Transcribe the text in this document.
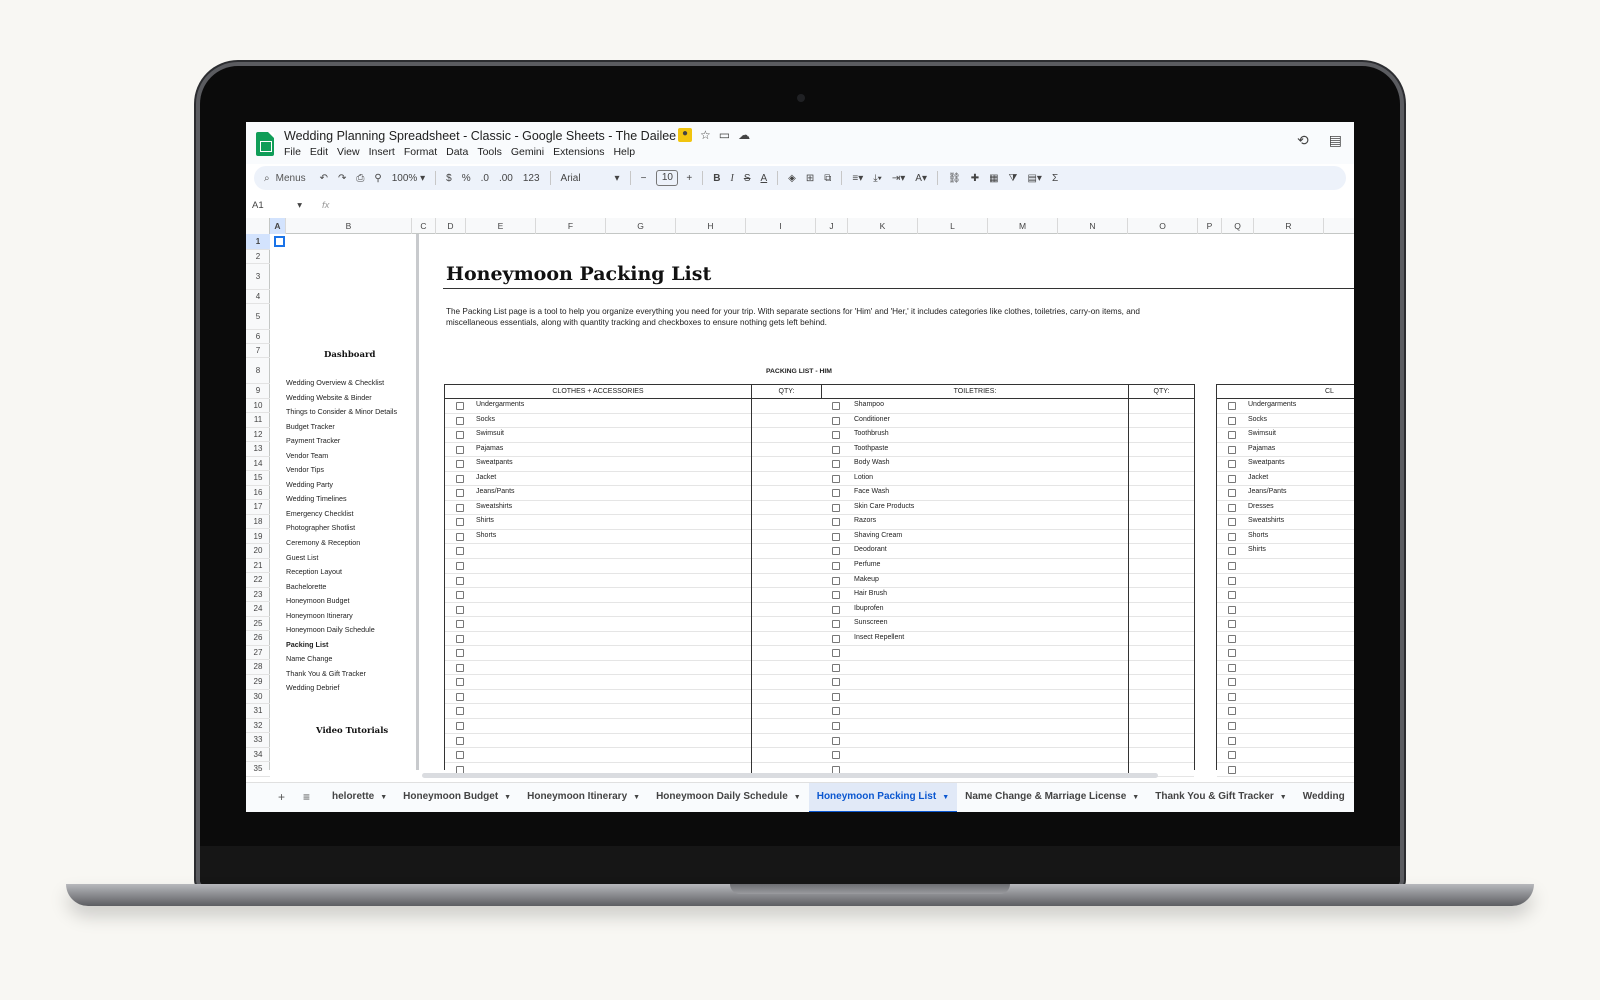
Wedding Planning Spreadsheet - Classic - Google Sheets - The Dailee ● ☆ ▭ ☁
File Edit View Insert Format Data Tools Gemini Extensions Help
⟲ ▤
⌕ Menus ↶ ↷ ⎙ ⚲ 100% ▾ $ % .0 .00 123 Arial	▾ −	10	+ B I S A ◈ ⊞ ⧉ ≡▾ ⤓▾ ⇥▾ A▾ ⛓ ✚ ▦ ⧩ ▤▾ Σ
A1	▾ fx
A	B	C	D	E	F	G	H	I	J	K	L	M	N	O	P	Q	R
1
2
3
4
5
6
7
8
9
10
11
12
13
14
15
16
17
18
19
20
21
22
23
24
25
26
27
28
29
30
31
32
33
34
35
Dashboard
Wedding Overview & Checklist
Wedding Website & Binder
Things to Consider & Minor Details
Budget Tracker
Payment Tracker
Vendor Team
Vendor Tips
Wedding Party
Wedding Timelines
Emergency Checklist
Photographer Shotlist
Ceremony & Reception
Guest List
Reception Layout
Bachelorette
Honeymoon Budget
Honeymoon Itinerary
Honeymoon Daily Schedule
Packing List
Name Change
Thank You & Gift Tracker
Wedding Debrief
Video Tutorials
Honeymoon Packing List
The Packing List page is a tool to help you organize everything you need for your trip. With separate sections for 'Him' and 'Her,' it includes categories like clothes, toiletries, carry-on items, and miscellaneous essentials, along with quantity tracking and checkboxes to ensure nothing gets left behind.
PACKING LIST - HIM
CLOTHES + ACCESSORIES	QTY:	TOILETRIES:	QTY:
Undergarments	Shampoo
Socks	Conditioner
Swimsuit	Toothbrush
Pajamas	Toothpaste
Sweatpants	Body Wash
Jacket	Lotion
Jeans/Pants	Face Wash
Sweatshirts	Skin Care Products
Shirts	Razors
Shorts	Shaving Cream
Deodorant
Perfume
Makeup
Hair Brush
Ibuprofen
Sunscreen
Insect Repellent
CL
Undergarments
Socks
Swimsuit
Pajamas
Sweatpants
Jacket
Jeans/Pants
Dresses
Sweatshirts
Shorts
Shirts
+ ≡	helorette ▼	Honeymoon Budget ▼	Honeymoon Itinerary ▼	Honeymoon Daily Schedule ▼	Honeymoon Packing List ▼	Name Change & Marriage License ▼	Thank You & Gift Tracker ▼	Wedding
